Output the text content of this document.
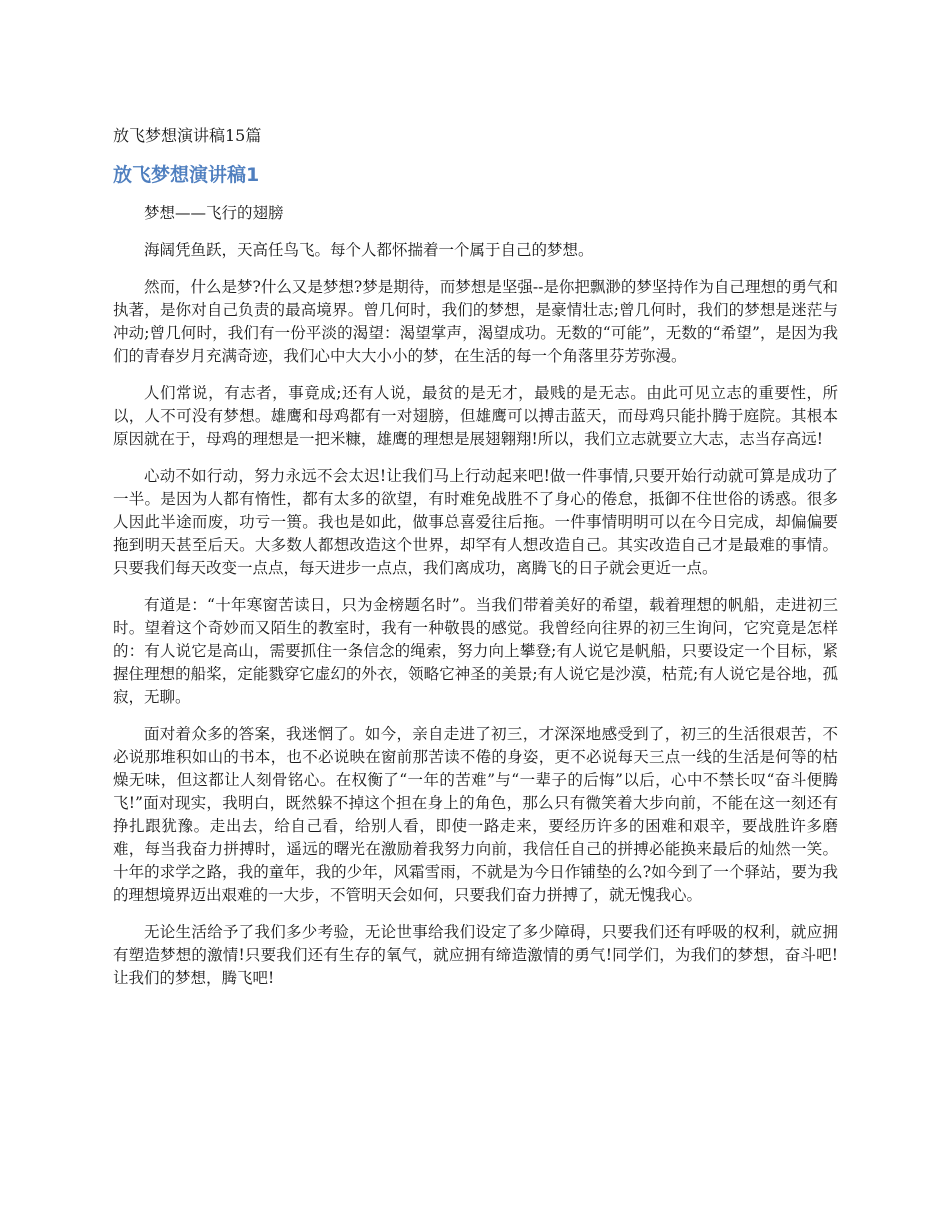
放飞梦想演讲稿15篇
放飞梦想演讲稿1

梦想——飞行的翅膀

海阔凭鱼跃，天高任鸟飞。每个人都怀揣着一个属于自己的梦想。

然而，什么是梦?什么又是梦想?梦是期待，而梦想是坚强--是你把飘渺的梦坚持作为自己理想的勇气和执著，是你对自己负责的最高境界。曾几何时，我们的梦想，是豪情壮志;曾几何时，我们的梦想是迷茫与冲动;曾几何时，我们有一份平淡的渴望：渴望掌声，渴望成功。无数的“可能”，无数的“希望”，是因为我们的青春岁月充满奇迹，我们心中大大小小的梦，在生活的每一个角落里芬芳弥漫。

人们常说，有志者，事竟成;还有人说，最贫的是无才，最贱的是无志。由此可见立志的重要性，所以，人不可没有梦想。雄鹰和母鸡都有一对翅膀，但雄鹰可以搏击蓝天，而母鸡只能扑腾于庭院。其根本原因就在于，母鸡的理想是一把米糠，雄鹰的理想是展翅翱翔!所以，我们立志就要立大志，志当存高远!

心动不如行动，努力永远不会太迟!让我们马上行动起来吧!做一件事情,只要开始行动就可算是成功了一半。是因为人都有惰性，都有太多的欲望，有时难免战胜不了身心的倦怠，抵御不住世俗的诱惑。很多人因此半途而废，功亏一篑。我也是如此，做事总喜爱往后拖。一件事情明明可以在今日完成，却偏偏要拖到明天甚至后天。大多数人都想改造这个世界，却罕有人想改造自己。其实改造自己才是最难的事情。只要我们每天改变一点点，每天进步一点点，我们离成功，离腾飞的日子就会更近一点。

有道是：“十年寒窗苦读日，只为金榜题名时”。当我们带着美好的希望，载着理想的帆船，走进初三时。望着这个奇妙而又陌生的教室时，我有一种敬畏的感觉。我曾经向往界的初三生询问，它究竟是怎样的：有人说它是高山，需要抓住一条信念的绳索，努力向上攀登;有人说它是帆船，只要设定一个目标，紧握住理想的船桨，定能戮穿它虚幻的外衣，领略它神圣的美景;有人说它是沙漠，枯荒;有人说它是谷地，孤寂，无聊。

面对着众多的答案，我迷惘了。如今，亲自走进了初三，才深深地感受到了，初三的生活很艰苦，不必说那堆积如山的书本，也不必说映在窗前那苦读不倦的身姿，更不必说每天三点一线的生活是何等的枯燥无味，但这都让人刻骨铭心。在权衡了“一年的苦难”与“一辈子的后悔”以后，心中不禁长叹“奋斗便腾飞!”面对现实，我明白，既然躲不掉这个担在身上的角色，那么只有微笑着大步向前，不能在这一刻还有挣扎跟犹豫。走出去，给自己看，给别人看，即使一路走来，要经历许多的困难和艰辛，要战胜许多磨难，每当我奋力拼搏时，遥远的曙光在激励着我努力向前，我信任自己的拼搏必能换来最后的灿然一笑。十年的求学之路，我的童年，我的少年，风霜雪雨，不就是为今日作铺垫的么?如今到了一个驿站，要为我的理想境界迈出艰难的一大步，不管明天会如何，只要我们奋力拼搏了，就无愧我心。

无论生活给予了我们多少考验，无论世事给我们设定了多少障碍，只要我们还有呼吸的权利，就应拥有塑造梦想的激情!只要我们还有生存的氧气，就应拥有缔造激情的勇气!同学们，为我们的梦想，奋斗吧!让我们的梦想，腾飞吧!
